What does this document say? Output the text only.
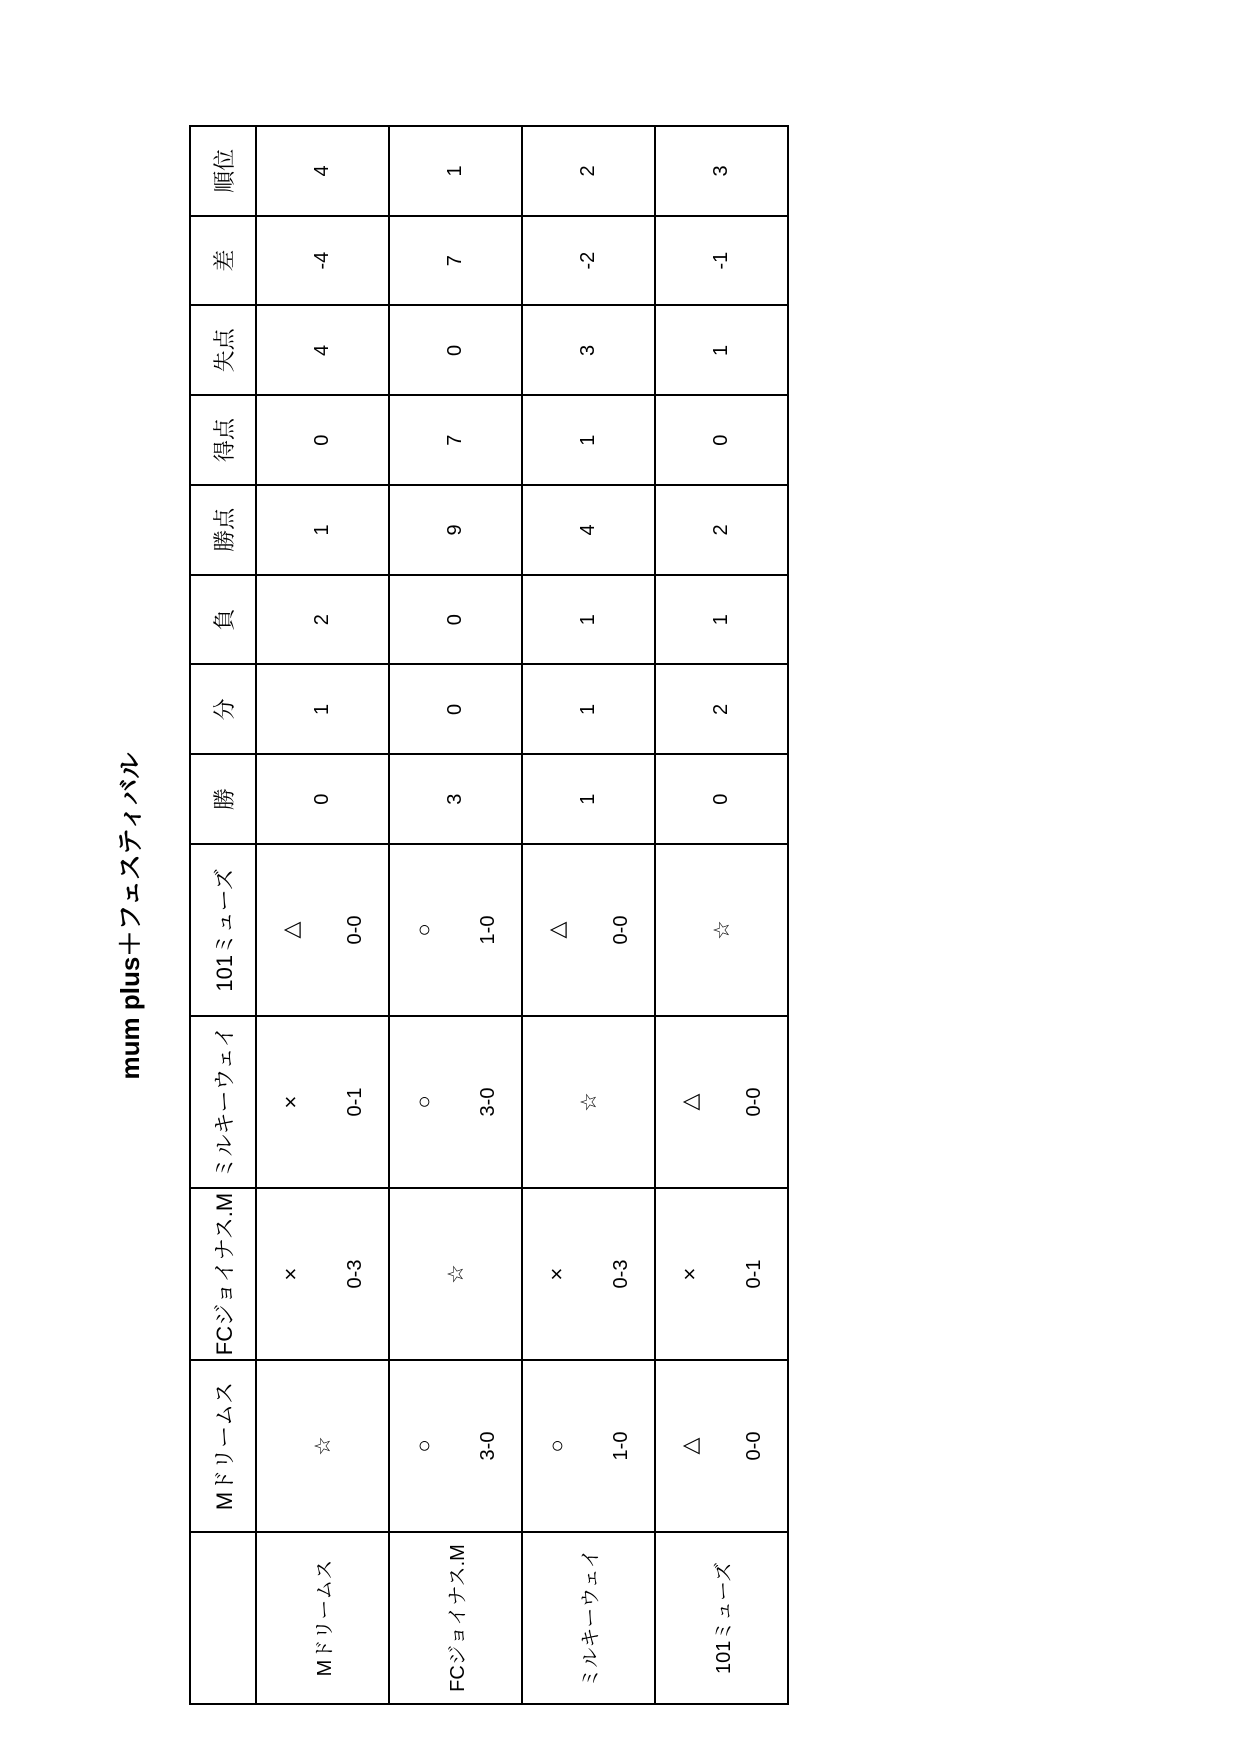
mum plus＋フェスティバル
	Mドリームス	FCジョイナス.M	ミルキーウェイ	101ミューズ	勝	分	負	勝点	得点	失点	差	順位
Mドリームス	☆	× 0-3	× 0-1	△ 0-0	0	1	2	1	0	4	-4	4
FCジョイナス.M	○ 3-0	☆	○ 3-0	○ 1-0	3	0	0	9	7	0	7	1
ミルキーウェイ	○ 1-0	× 0-3	☆	△ 0-0	1	1	1	4	1	3	-2	2
101ミューズ	△ 0-0	× 0-1	△ 0-0	☆	0	2	1	2	0	1	-1	3
